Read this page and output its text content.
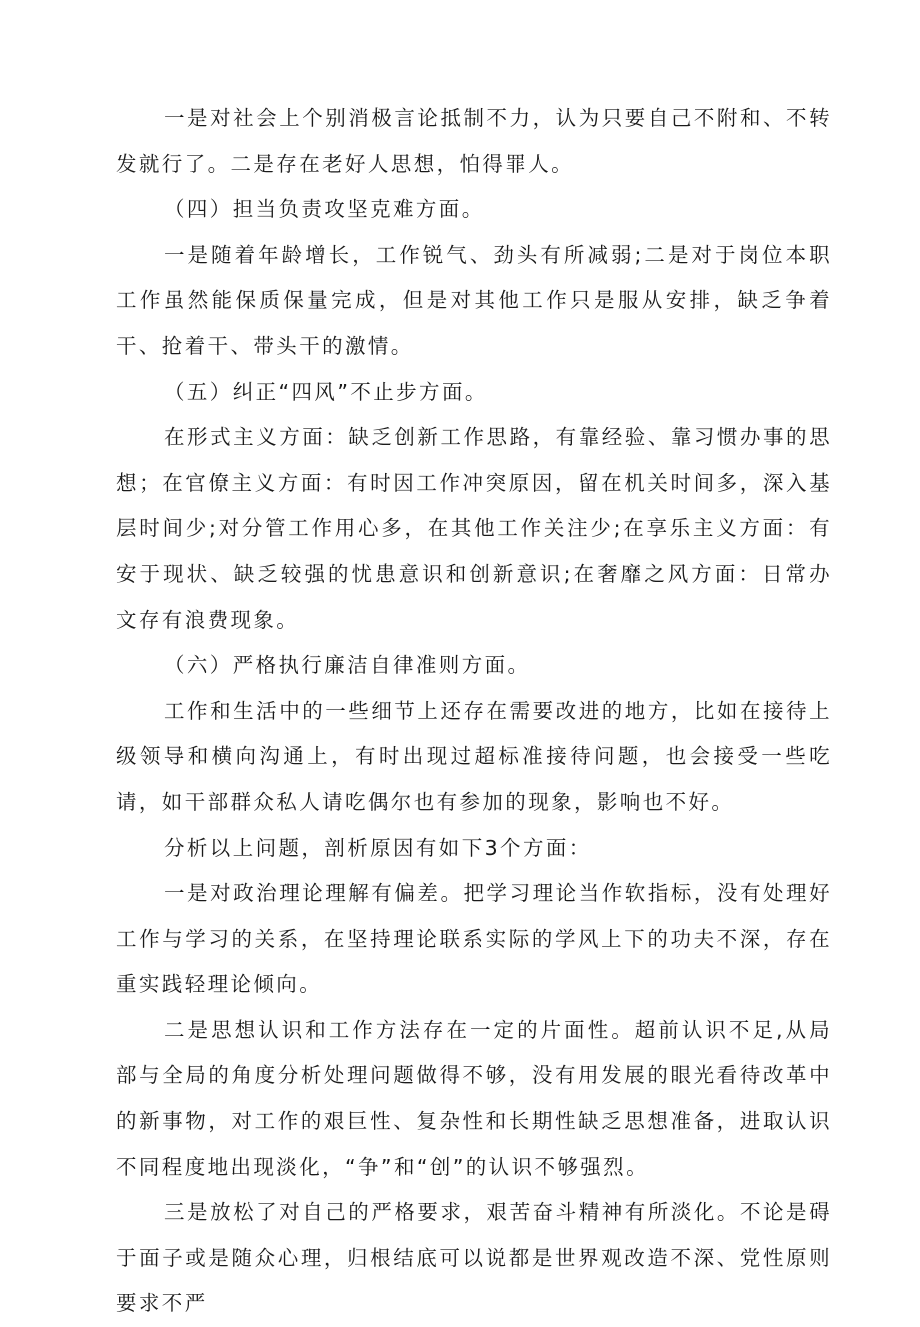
一是对社会上个别消极言论抵制不力，认为只要自己不附和、不转发就行了。二是存在老好人思想，怕得罪人。

（四）担当负责攻坚克难方面。

一是随着年龄增长，工作锐气、劲头有所减弱;二是对于岗位本职工作虽然能保质保量完成，但是对其他工作只是服从安排，缺乏争着干、抢着干、带头干的激情。

（五）纠正“四风”不止步方面。

在形式主义方面：缺乏创新工作思路，有靠经验、靠习惯办事的思想；在官僚主义方面：有时因工作冲突原因，留在机关时间多，深入基层时间少;对分管工作用心多，在其他工作关注少;在享乐主义方面：有安于现状、缺乏较强的忧患意识和创新意识;在奢靡之风方面：日常办文存有浪费现象。

（六）严格执行廉洁自律准则方面。

工作和生活中的一些细节上还存在需要改进的地方，比如在接待上级领导和横向沟通上，有时出现过超标准接待问题，也会接受一些吃请，如干部群众私人请吃偶尔也有参加的现象，影响也不好。

分析以上问题，剖析原因有如下3个方面：

一是对政治理论理解有偏差。把学习理论当作软指标，没有处理好工作与学习的关系，在坚持理论联系实际的学风上下的功夫不深，存在重实践轻理论倾向。

二是思想认识和工作方法存在一定的片面性。超前认识不足,从局部与全局的角度分析处理问题做得不够，没有用发展的眼光看待改革中的新事物，对工作的艰巨性、复杂性和长期性缺乏思想准备，进取认识不同程度地出现淡化，“争”和“创”的认识不够强烈。

三是放松了对自己的严格要求，艰苦奋斗精神有所淡化。不论是碍于面子或是随众心理，归根结底可以说都是世界观改造不深、党性原则要求不严
